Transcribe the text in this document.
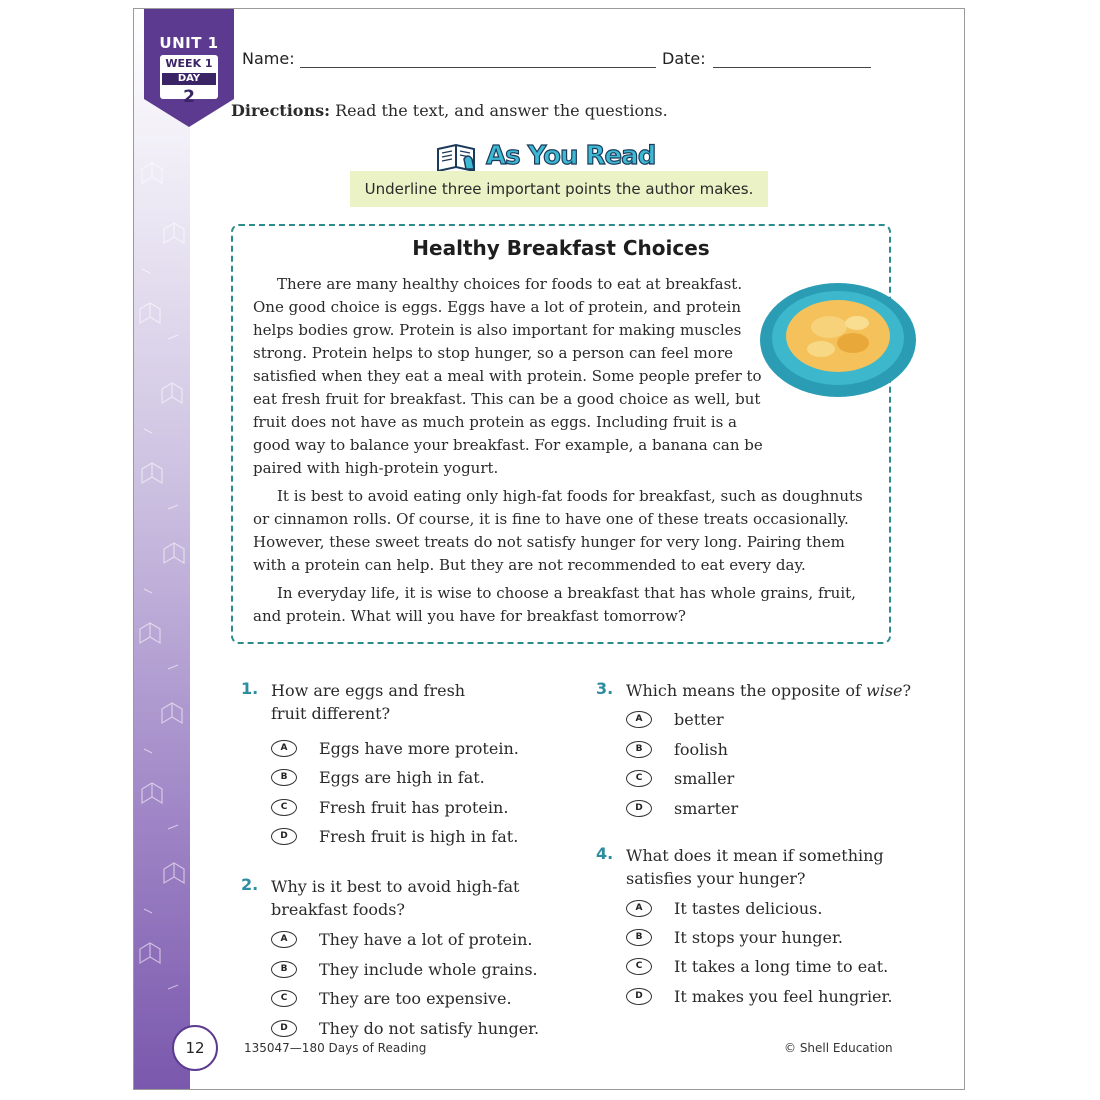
UNIT 1
WEEK 1
DAY
2
Name:	Date:
Directions: Read the text, and answer the questions.
As You Read
Underline three important points the author makes.
Healthy Breakfast Choices

There are many healthy choices for foods to eat at breakfast. One good choice is eggs. Eggs have a lot of protein, and protein helps bodies grow. Protein is also important for making muscles strong. Protein helps to stop hunger, so a person can feel more satisfied when they eat a meal with protein. Some people prefer to eat fresh fruit for breakfast. This can be a good choice as well, but fruit does not have as much protein as eggs. Including fruit is a good way to balance your breakfast. For example, a banana can be paired with high-protein yogurt.

It is best to avoid eating only high-fat foods for breakfast, such as doughnuts or cinnamon rolls. Of course, it is fine to have one of these treats occasionally. However, these sweet treats do not satisfy hunger for very long. Pairing them with a protein can help. But they are not recommended to eat every day.

In everyday life, it is wise to choose a breakfast that has whole grains, fruit, and protein. What will you have for breakfast tomorrow?

1. How are eggs and fresh fruit different?
A	Eggs have more protein.
B	Eggs are high in fat.
C	Fresh fruit has protein.
D	Fresh fruit is high in fat.
2. Why is it best to avoid high-fat breakfast foods?
A	They have a lot of protein.
B	They include whole grains.
C	They are too expensive.
D	They do not satisfy hunger.
3. Which means the opposite of wise?
A	better
B	foolish
C	smaller
D	smarter
4. What does it mean if something satisfies your hunger?
A	It tastes delicious.
B	It stops your hunger.
C	It takes a long time to eat.
D	It makes you feel hungrier.
12	135047—180 Days of Reading	© Shell Education
